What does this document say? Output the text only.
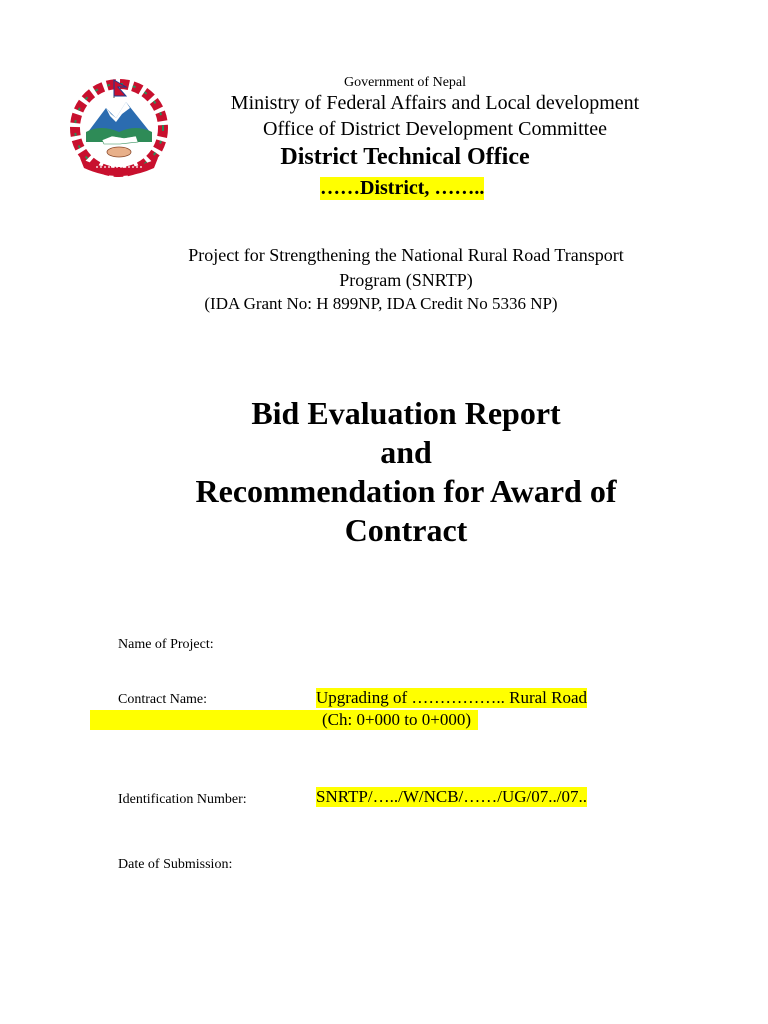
Government of Nepal
Ministry of Federal Affairs and Local development
Office of District Development Committee
District Technical Office
……District, ……..
Project for Strengthening the National Rural Road Transport
Program (SNRTP)
(IDA Grant No: H 899NP, IDA Credit No 5336 NP)
Bid Evaluation Report
and
Recommendation for Award of
Contract
Name of Project:
Contract Name:	Upgrading of …………….. Rural Road
(Ch: 0+000 to 0+000)
Identification Number:	SNRTP/…../W/NCB/……/UG/07../07..
Date of Submission:
